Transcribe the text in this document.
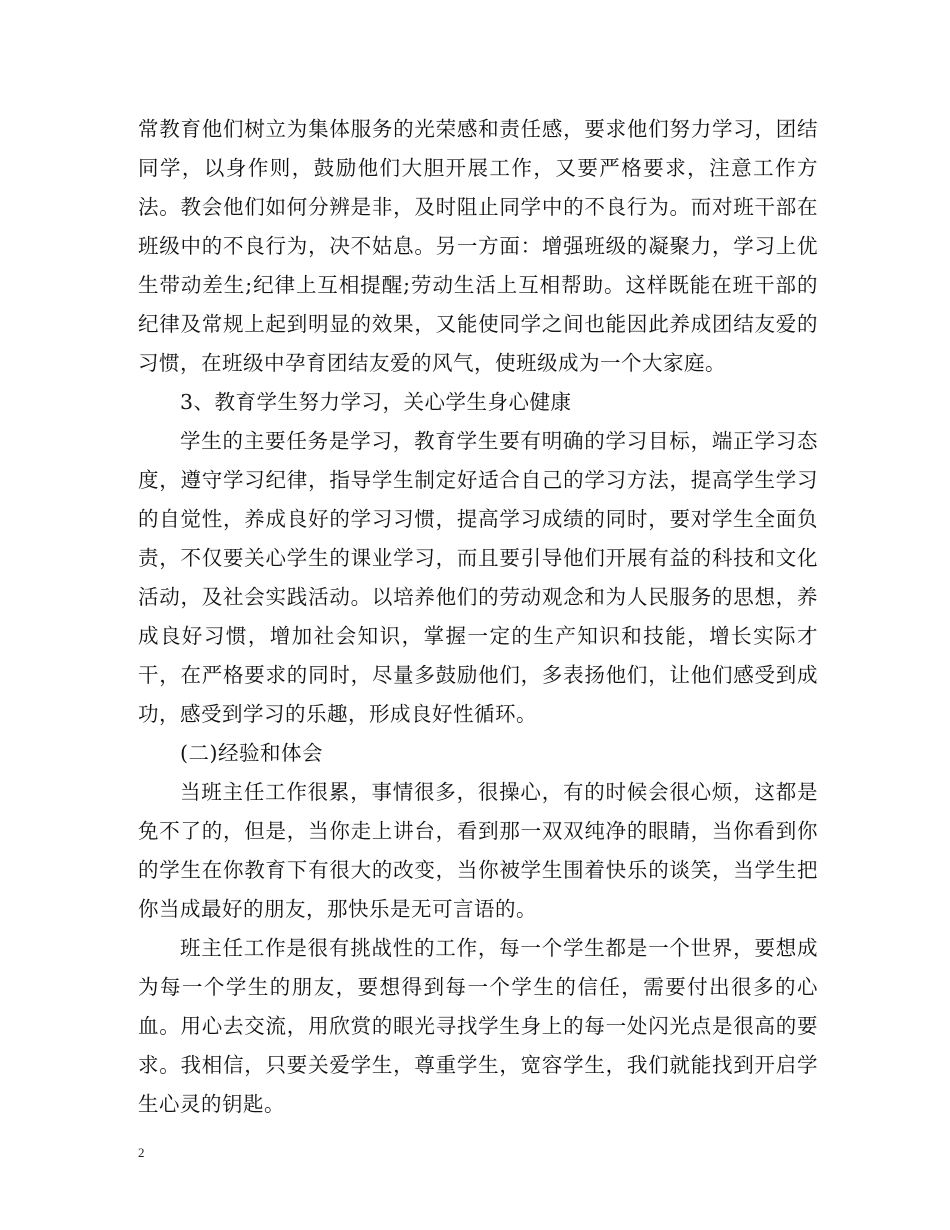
常教育他们树立为集体服务的光荣感和责任感，要求他们努力学习，团结同学，以身作则，鼓励他们大胆开展工作，又要严格要求，注意工作方法。教会他们如何分辨是非，及时阻止同学中的不良行为。而对班干部在班级中的不良行为，决不姑息。另一方面：增强班级的凝聚力，学习上优生带动差生;纪律上互相提醒;劳动生活上互相帮助。这样既能在班干部的纪律及常规上起到明显的效果，又能使同学之间也能因此养成团结友爱的习惯，在班级中孕育团结友爱的风气，使班级成为一个大家庭。

3、教育学生努力学习，关心学生身心健康

学生的主要任务是学习，教育学生要有明确的学习目标，端正学习态度，遵守学习纪律，指导学生制定好适合自己的学习方法，提高学生学习的自觉性，养成良好的学习习惯，提高学习成绩的同时，要对学生全面负责，不仅要关心学生的课业学习，而且要引导他们开展有益的科技和文化活动，及社会实践活动。以培养他们的劳动观念和为人民服务的思想，养成良好习惯，增加社会知识，掌握一定的生产知识和技能，增长实际才干，在严格要求的同时，尽量多鼓励他们，多表扬他们，让他们感受到成功，感受到学习的乐趣，形成良好性循环。

(二)经验和体会

当班主任工作很累，事情很多，很操心，有的时候会很心烦，这都是免不了的，但是，当你走上讲台，看到那一双双纯净的眼睛，当你看到你的学生在你教育下有很大的改变，当你被学生围着快乐的谈笑，当学生把你当成最好的朋友，那快乐是无可言语的。

班主任工作是很有挑战性的工作，每一个学生都是一个世界，要想成为每一个学生的朋友，要想得到每一个学生的信任，需要付出很多的心血。用心去交流，用欣赏的眼光寻找学生身上的每一处闪光点是很高的要求。我相信，只要关爱学生，尊重学生，宽容学生，我们就能找到开启学生心灵的钥匙。

2
